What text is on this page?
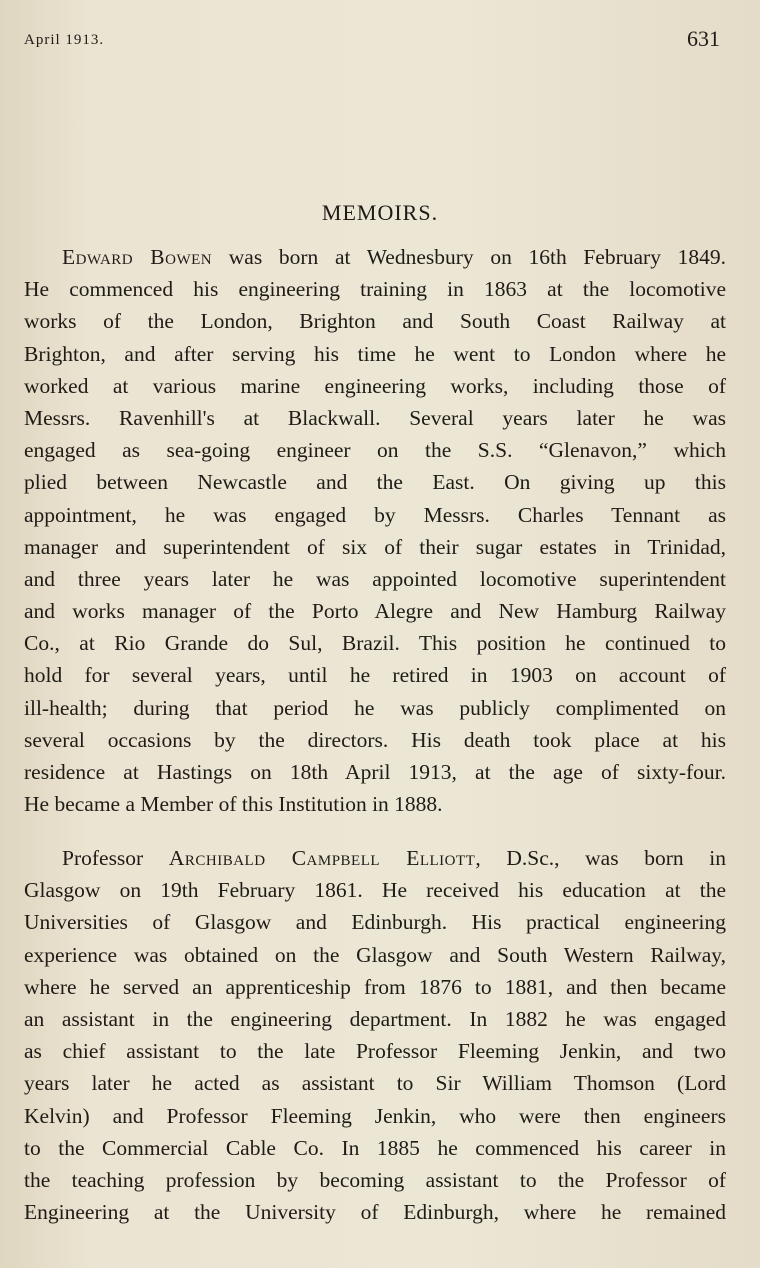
April 1913.	631
MEMOIRS.
Edward Bowen was born at Wednesbury on 16th February 1849.
He commenced his engineering training in 1863 at the locomotive
works of the London, Brighton and South Coast Railway at
Brighton, and after serving his time he went to London where he
worked at various marine engineering works, including those of
Messrs. Ravenhill's at Blackwall. Several years later he was
engaged as sea-going engineer on the S.S. “Glenavon,” which
plied between Newcastle and the East. On giving up this
appointment, he was engaged by Messrs. Charles Tennant as
manager and superintendent of six of their sugar estates in Trinidad,
and three years later he was appointed locomotive superintendent
and works manager of the Porto Alegre and New Hamburg Railway
Co., at Rio Grande do Sul, Brazil. This position he continued to
hold for several years, until he retired in 1903 on account of
ill-health; during that period he was publicly complimented on
several occasions by the directors. His death took place at his
residence at Hastings on 18th April 1913, at the age of sixty-four.
He became a Member of this Institution in 1888.
Professor Archibald Campbell Elliott, D.Sc., was born in
Glasgow on 19th February 1861. He received his education at the
Universities of Glasgow and Edinburgh. His practical engineering
experience was obtained on the Glasgow and South Western Railway,
where he served an apprenticeship from 1876 to 1881, and then became
an assistant in the engineering department. In 1882 he was engaged
as chief assistant to the late Professor Fleeming Jenkin, and two
years later he acted as assistant to Sir William Thomson (Lord
Kelvin) and Professor Fleeming Jenkin, who were then engineers
to the Commercial Cable Co. In 1885 he commenced his career in
the teaching profession by becoming assistant to the Professor of
Engineering at the University of Edinburgh, where he remained
